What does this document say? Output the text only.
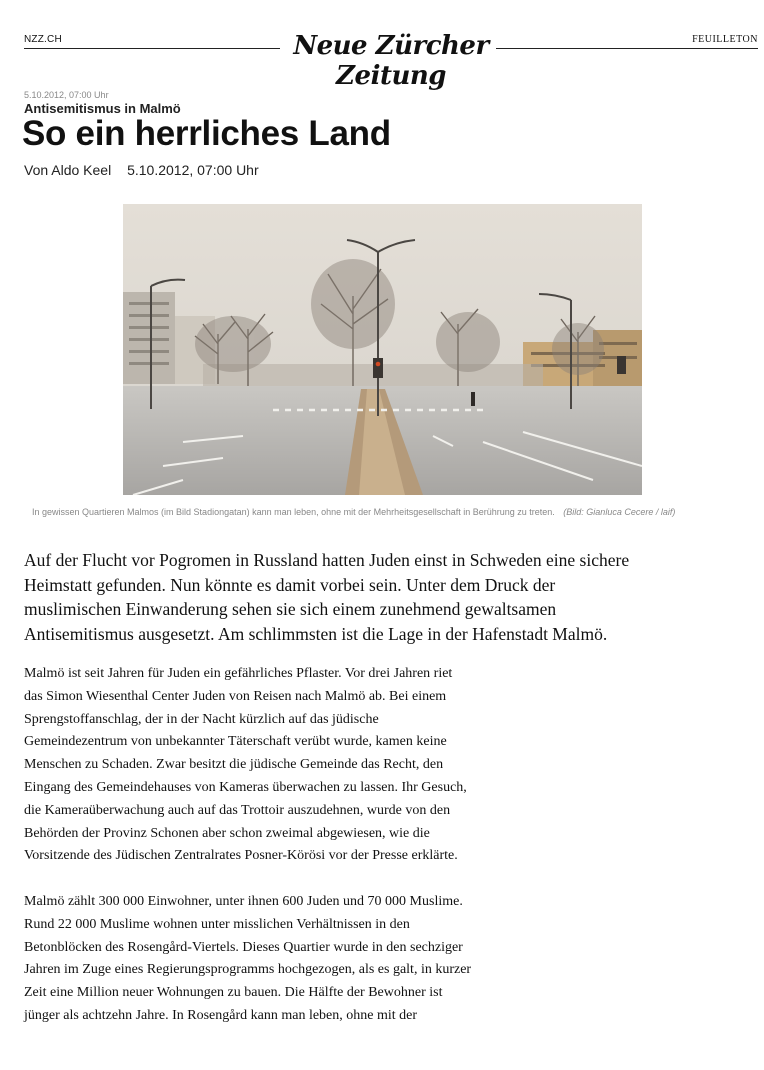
NZZ.CH	Neue Zürcher Zeitung
FEUILLETON
5.10.2012, 07:00 Uhr
Antisemitismus in Malmö
So ein herrliches Land
Von Aldo Keel 5.10.2012, 07:00 Uhr
In gewissen Quartieren Malmos (im Bild Stadiongatan) kann man leben, ohne mit der Mehrheitsgesellschaft in Berührung zu treten. (Bild: Gianluca Cecere / laif)

Auf der Flucht vor Pogromen in Russland hatten Juden einst in Schweden eine sichere
Heimstatt gefunden. Nun könnte es damit vorbei sein. Unter dem Druck der
muslimischen Einwanderung sehen sie sich einem zunehmend gewaltsamen
Antisemitismus ausgesetzt. Am schlimmsten ist die Lage in der Hafenstadt Malmö.

Malmö ist seit Jahren für Juden ein gefährliches Pflaster. Vor drei Jahren riet
das Simon Wiesenthal Center Juden von Reisen nach Malmö ab. Bei einem
Sprengstoffanschlag, der in der Nacht kürzlich auf das jüdische
Gemeindezentrum von unbekannter Täterschaft verübt wurde, kamen keine
Menschen zu Schaden. Zwar besitzt die jüdische Gemeinde das Recht, den
Eingang des Gemeindehauses von Kameras überwachen zu lassen. Ihr Gesuch,
die Kameraüberwachung auch auf das Trottoir auszudehnen, wurde von den
Behörden der Provinz Schonen aber schon zweimal abgewiesen, wie die
Vorsitzende des Jüdischen Zentralrates Posner-Körösi vor der Presse erklärte.

Malmö zählt 300 000 Einwohner, unter ihnen 600 Juden und 70 000 Muslime.
Rund 22 000 Muslime wohnen unter misslichen Verhältnissen in den
Betonblöcken des Rosengård-Viertels. Dieses Quartier wurde in den sechziger
Jahren im Zuge eines Regierungsprogramms hochgezogen, als es galt, in kurzer
Zeit eine Million neuer Wohnungen zu bauen. Die Hälfte der Bewohner ist
jünger als achtzehn Jahre. In Rosengård kann man leben, ohne mit der
